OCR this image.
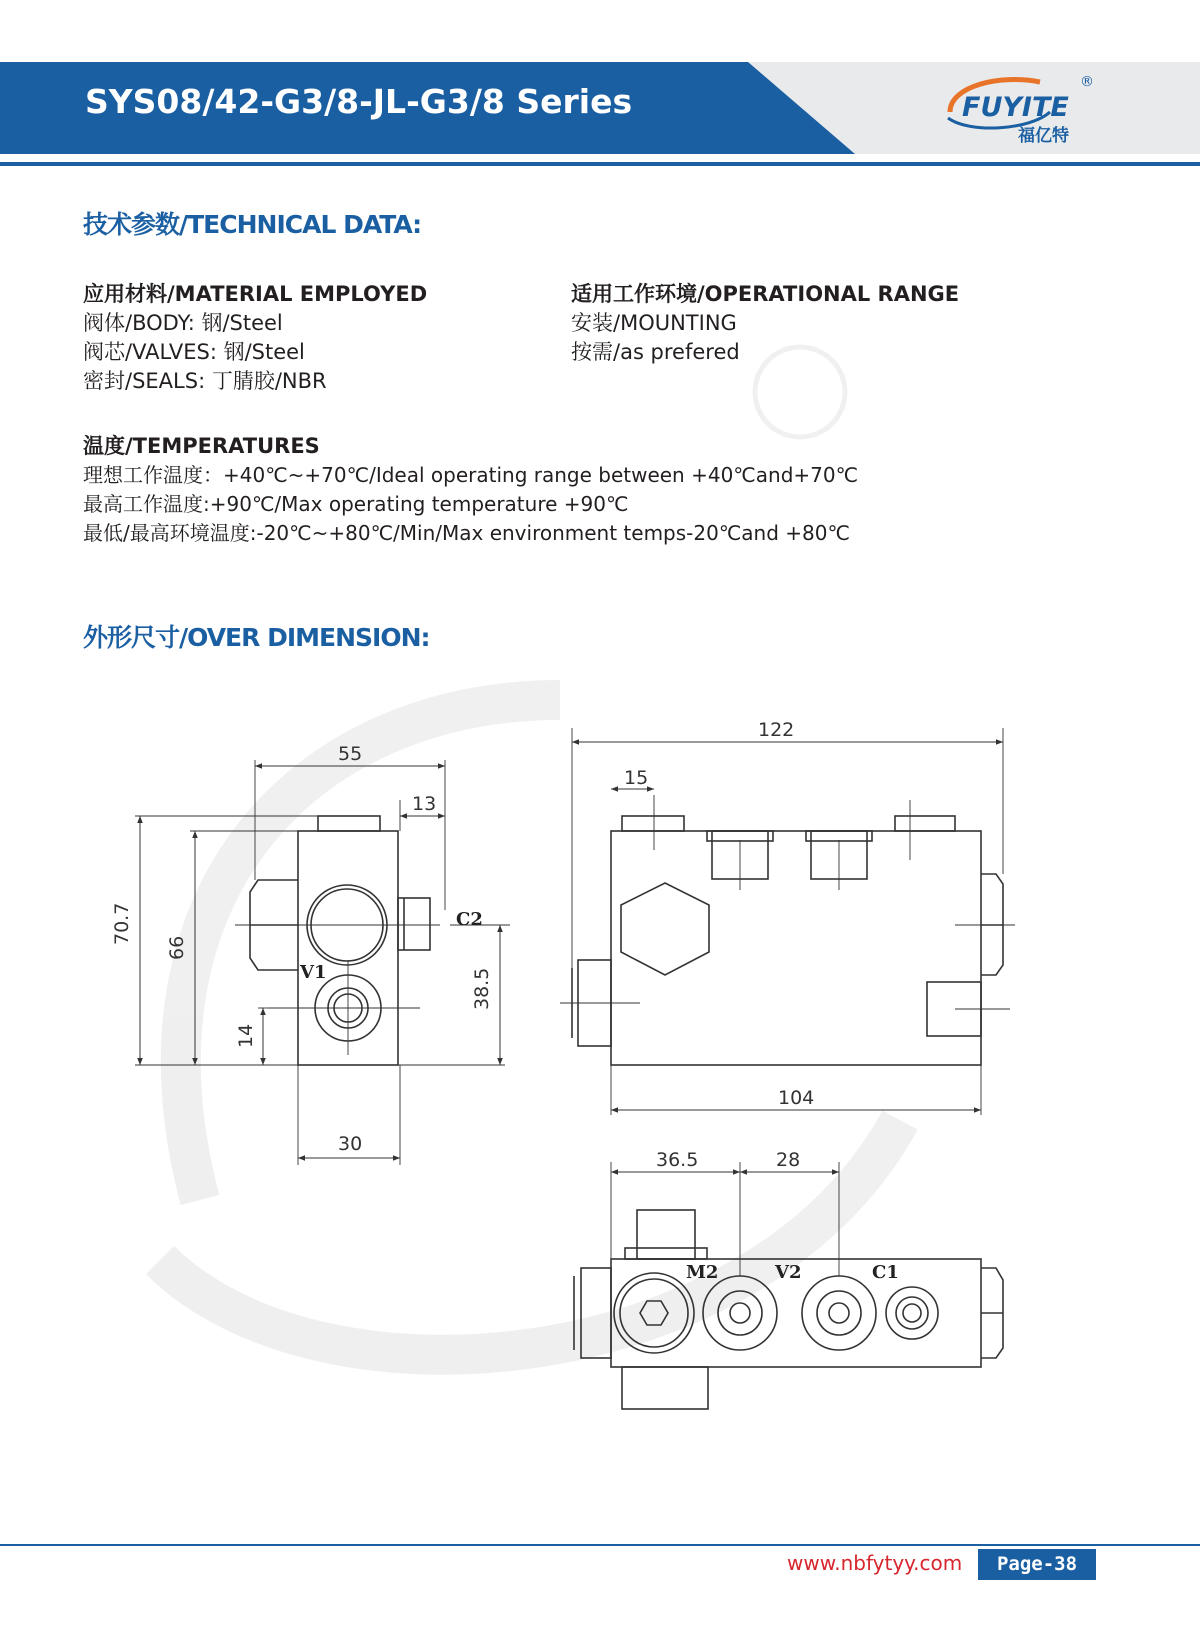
SYS08/42-G3/8-JL-G3/8 Series	FUYITE
®
福亿特
技术参数/TECHNICAL DATA:
应用材料/MATERIAL EMPLOYED
阀体/BODY: 钢/Steel
阀芯/VALVES: 钢/Steel
密封/SEALS: 丁腈胶/NBR
适用工作环境/OPERATIONAL RANGE
安装/MOUNTING
按需/as prefered
温度/TEMPERATURES
理想工作温度：+40℃~+70℃/Ideal operating range between +40℃and+70℃
最高工作温度:+90℃/Max operating temperature +90℃
最低/最高环境温度:-20℃~+80℃/Min/Max environment temps-20℃and +80℃
外形尺寸/OVER DIMENSION:
55
13
70.7
66
38.5
14
30
C2
V1
122
15
104
36.5	28
M2	V2	C1
www.nbfytyy.com	Page-38
